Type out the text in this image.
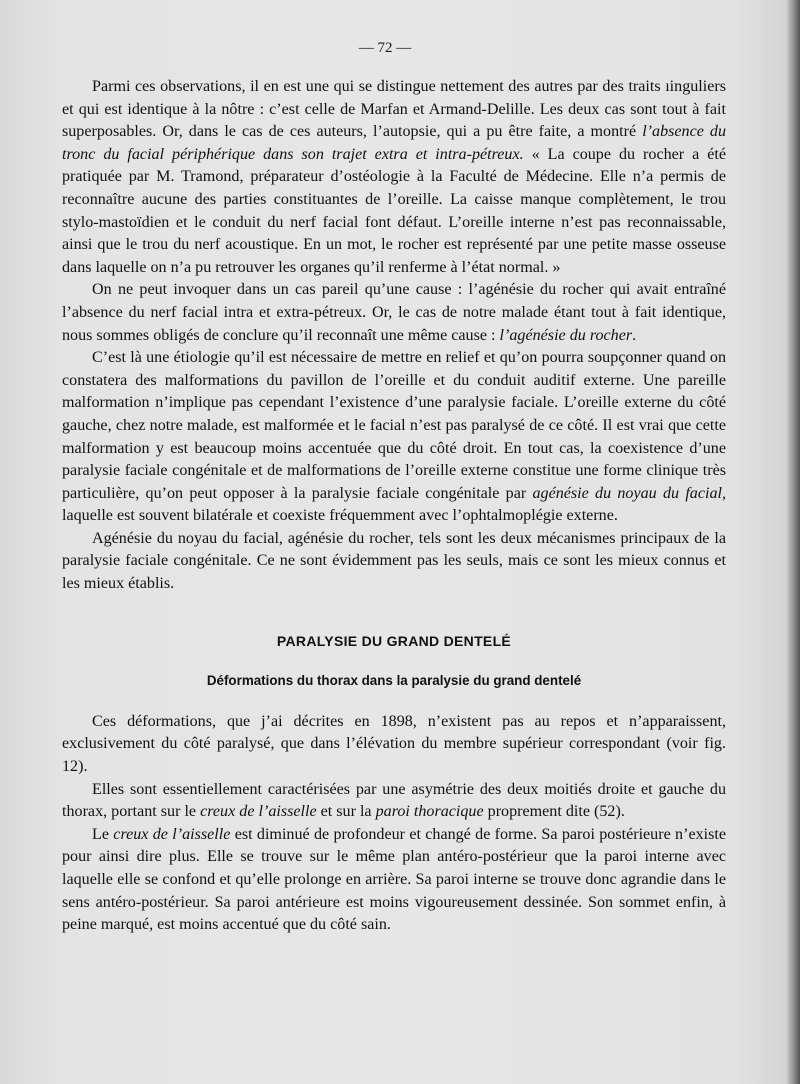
— 72 —

Parmi ces observations, il en est une qui se distingue nettement des autres par des traits ıinguliers et qui est identique à la nôtre : c’est celle de Marfan et Armand-Delille. Les deux cas sont tout à fait superposables. Or, dans le cas de ces auteurs, l’autopsie, qui a pu être faite, a montré l’absence du tronc du facial périphérique dans son trajet extra et intra-pétreux. « La coupe du rocher a été pratiquée par M. Tramond, préparateur d’ostéologie à la Faculté de Médecine. Elle n’a permis de reconnaître aucune des parties constituantes de l’oreille. La caisse manque complètement, le trou stylo-mastoïdien et le conduit du nerf facial font défaut. L’oreille interne n’est pas reconnaissable, ainsi que le trou du nerf acoustique. En un mot, le rocher est représenté par une petite masse osseuse dans laquelle on n’a pu retrouver les organes qu’il renferme à l’état normal. »

On ne peut invoquer dans un cas pareil qu’une cause : l’agénésie du rocher qui avait entraîné l’absence du nerf facial intra et extra-pétreux. Or, le cas de notre malade étant tout à fait identique, nous sommes obligés de conclure qu’il reconnaît une même cause : l’agénésie du rocher.

C’est là une étiologie qu’il est nécessaire de mettre en relief et qu’on pourra soupçonner quand on constatera des malformations du pavillon de l’oreille et du conduit auditif externe. Une pareille malformation n’implique pas cependant l’existence d’une paralysie faciale. L’oreille externe du côté gauche, chez notre malade, est malformée et le facial n’est pas paralysé de ce côté. Il est vrai que cette malformation y est beaucoup moins accentuée que du côté droit. En tout cas, la coexistence d’une paralysie faciale congénitale et de malformations de l’oreille externe constitue une forme clinique très particulière, qu’on peut opposer à la paralysie faciale congénitale par agénésie du noyau du facial, laquelle est souvent bilatérale et coexiste fréquemment avec l’ophtalmoplégie externe.

Agénésie du noyau du facial, agénésie du rocher, tels sont les deux mécanismes principaux de la paralysie faciale congénitale. Ce ne sont évidemment pas les seuls, mais ce sont les mieux connus et les mieux établis.

PARALYSIE DU GRAND DENTELÉ
Déformations du thorax dans la paralysie du grand dentelé

Ces déformations, que j’ai décrites en 1898, n’existent pas au repos et n’apparaissent, exclusivement du côté paralysé, que dans l’élévation du membre supérieur correspondant (voir fig. 12).

Elles sont essentiellement caractérisées par une asymétrie des deux moitiés droite et gauche du thorax, portant sur le creux de l’aisselle et sur la paroi thoracique proprement dite (52).

Le creux de l’aisselle est diminué de profondeur et changé de forme. Sa paroi postérieure n’existe pour ainsi dire plus. Elle se trouve sur le même plan antéro-postérieur que la paroi interne avec laquelle elle se confond et qu’elle prolonge en arrière. Sa paroi interne se trouve donc agrandie dans le sens antéro-postérieur. Sa paroi antérieure est moins vigoureusement dessinée. Son sommet enfin, à peine marqué, est moins accentué que du côté sain.
